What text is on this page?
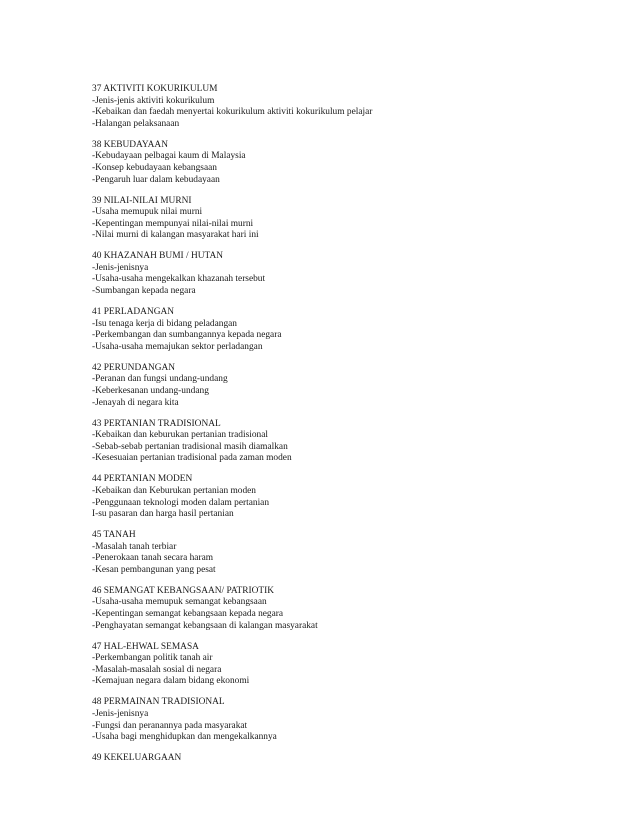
37 AKTIVITI KOKURIKULUM
-Jenis-jenis aktiviti kokurikulum
-Kebaikan dan faedah menyertai kokurikulum aktiviti kokurikulum pelajar
-Halangan pelaksanaan
38 KEBUDAYAAN
-Kebudayaan pelbagai kaum di Malaysia
-Konsep kebudayaan kebangsaan
-Pengaruh luar dalam kebudayaan
39 NILAI-NILAI MURNI
-Usaha memupuk nilai murni
-Kepentingan mempunyai nilai-nilai murni
-Nilai murni di kalangan masyarakat hari ini
40 KHAZANAH BUMI / HUTAN
-Jenis-jenisnya
-Usaha-usaha mengekalkan khazanah tersebut
-Sumbangan kepada negara
41 PERLADANGAN
-Isu tenaga kerja di bidang peladangan
-Perkembangan dan sumbangannya kepada negara
-Usaha-usaha memajukan sektor perladangan
42 PERUNDANGAN
-Peranan dan fungsi undang-undang
-Keberkesanan undang-undang
-Jenayah di negara kita
43 PERTANIAN TRADISIONAL
-Kebaikan dan keburukan pertanian tradisional
-Sebab-sebab pertanian tradisional masih diamalkan
-Kesesuaian pertanian tradisional pada zaman moden
44 PERTANIAN MODEN
-Kebaikan dan Keburukan pertanian moden
-Penggunaan teknologi moden dalam pertanian
I-su pasaran dan harga hasil pertanian
45 TANAH
-Masalah tanah terbiar
-Penerokaan tanah secara haram
-Kesan pembangunan yang pesat
46 SEMANGAT KEBANGSAAN/ PATRIOTIK
-Usaha-usaha memupuk semangat kebangsaan
-Kepentingan semangat kebangsaan kepada negara
-Penghayatan semangat kebangsaan di kalangan masyarakat
47 HAL-EHWAL SEMASA
-Perkembangan politik tanah air
-Masalah-masalah sosial di negara
-Kemajuan negara dalam bidang ekonomi
48 PERMAINAN TRADISIONAL
-Jenis-jenisnya
-Fungsi dan peranannya pada masyarakat
-Usaha bagi menghidupkan dan mengekalkannya
49 KEKELUARGAAN
